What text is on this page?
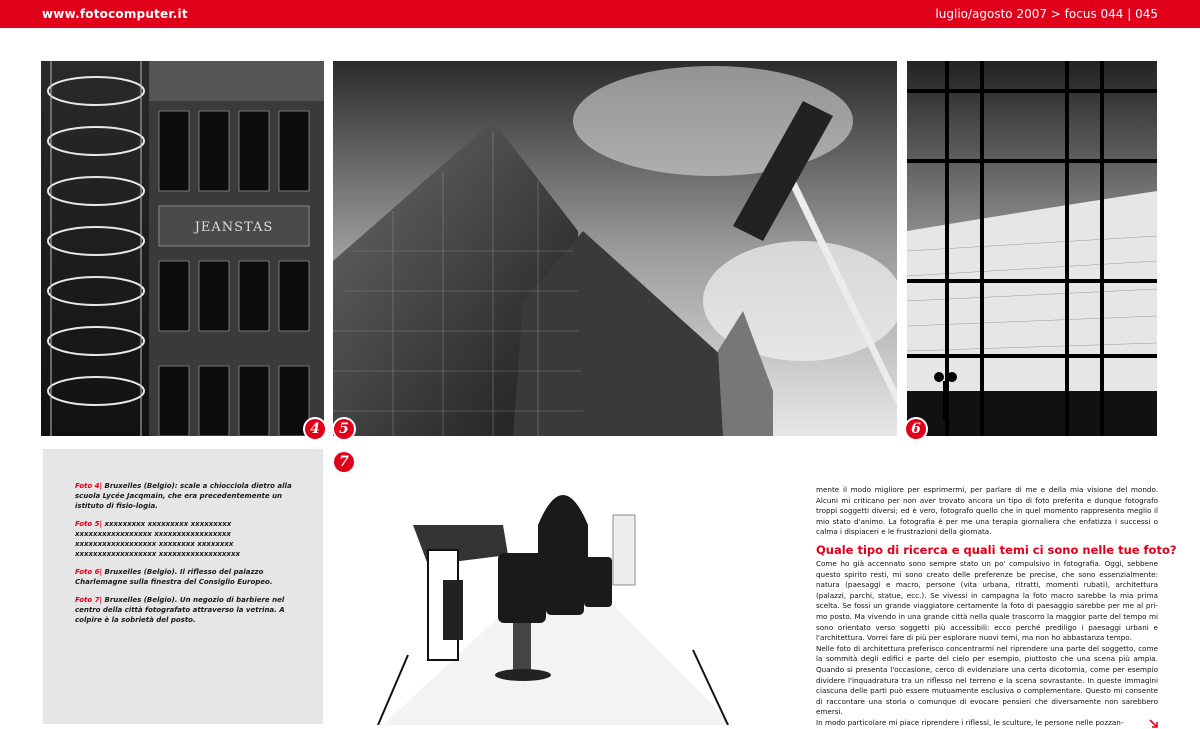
www.fotocomputer.it	luglio/agosto 2007 > focus 044 | 045
JEANSTAS
4	5	6
7
Foto 4| Bruxelles (Belgio): scale a chiocciola dietro alla scuola Lycée Jacqmain, che era precedentemente un istituto di fisio-logia.
Foto 5| xxxxxxxxx xxxxxxxxx xxxxxxxxx xxxxxxxxxxxxxxxxx xxxxxxxxxxxxxxxxx xxxxxxxxxxxxxxxxxx xxxxxxxx xxxxxxxx xxxxxxxxxxxxxxxxxx xxxxxxxxxxxxxxxxxx
Foto 6| Bruxelles (Belgio). Il riflesso del palazzo Charlemagne sulla finestra del Consiglio Europeo.
Foto 7| Bruxelles (Belgio). Un negozio di barbiere nel centro della città fotografato attraverso la vetrina. A colpire è la sobrietà del posto.

mente il modo migliore per esprimermi, per parlare di me e della mia visione del mondo. Alcuni mi criticano per non aver trovato ancora un tipo di foto preferita e dunque fotografo troppi soggetti diversi; ed è vero, fotografo quello che in quel momento rappresenta meglio il mio stato d'animo. La fotografia è per me una terapia giornaliera che enfatizza i successi o calma i dispiaceri e le frustrazioni della giornata.

Quale tipo di ricerca e quali temi ci sono nelle tue foto?

Come ho già accennato sono sempre stato un po' compulsivo in fotografia. Oggi, sebbene questo spirito resti, mi sono creato delle preferenze be precise, che sono essenzialmente: natura (paesaggi e macro, persone (vita urbana, ritratti, momenti rubati), architettura (palazzi, parchi, statue, ecc.). Se vivessi in campagna la foto macro sarebbe la mia prima scelta. Se fossi un grande viaggiatore certamente la foto di paesaggio sarebbe per me al pri-mo posto. Ma vivendo in una grande città nella quale trascorro la maggior parte del tempo mi sono orientato verso soggetti più accessibili: ecco perché prediligo i paesaggi urbani e l'architettura. Vorrei fare di più per esplorare nuovi temi, ma non ho abbastanza tempo.

Nelle foto di architettura preferisco concentrarmi nel riprendere una parte del soggetto, come la sommità degli edifici e parte del cielo per esempio, piuttosto che una scena più ampia. Quando si presenta l'occasione, cerco di evidenziare una certa dicotomia, come per esempio dividere l'inquadratura tra un riflesso nel terreno e la scena sovrastante. In queste immagini ciascuna delle parti può essere mutuamente esclusiva o complementare. Questo mi consente di raccontare una storia o comunque di evocare pensieri che diversamente non sarebbero emersi.

In modo particolare mi piace riprendere i riflessi, le sculture, le persone nelle pozzan-
